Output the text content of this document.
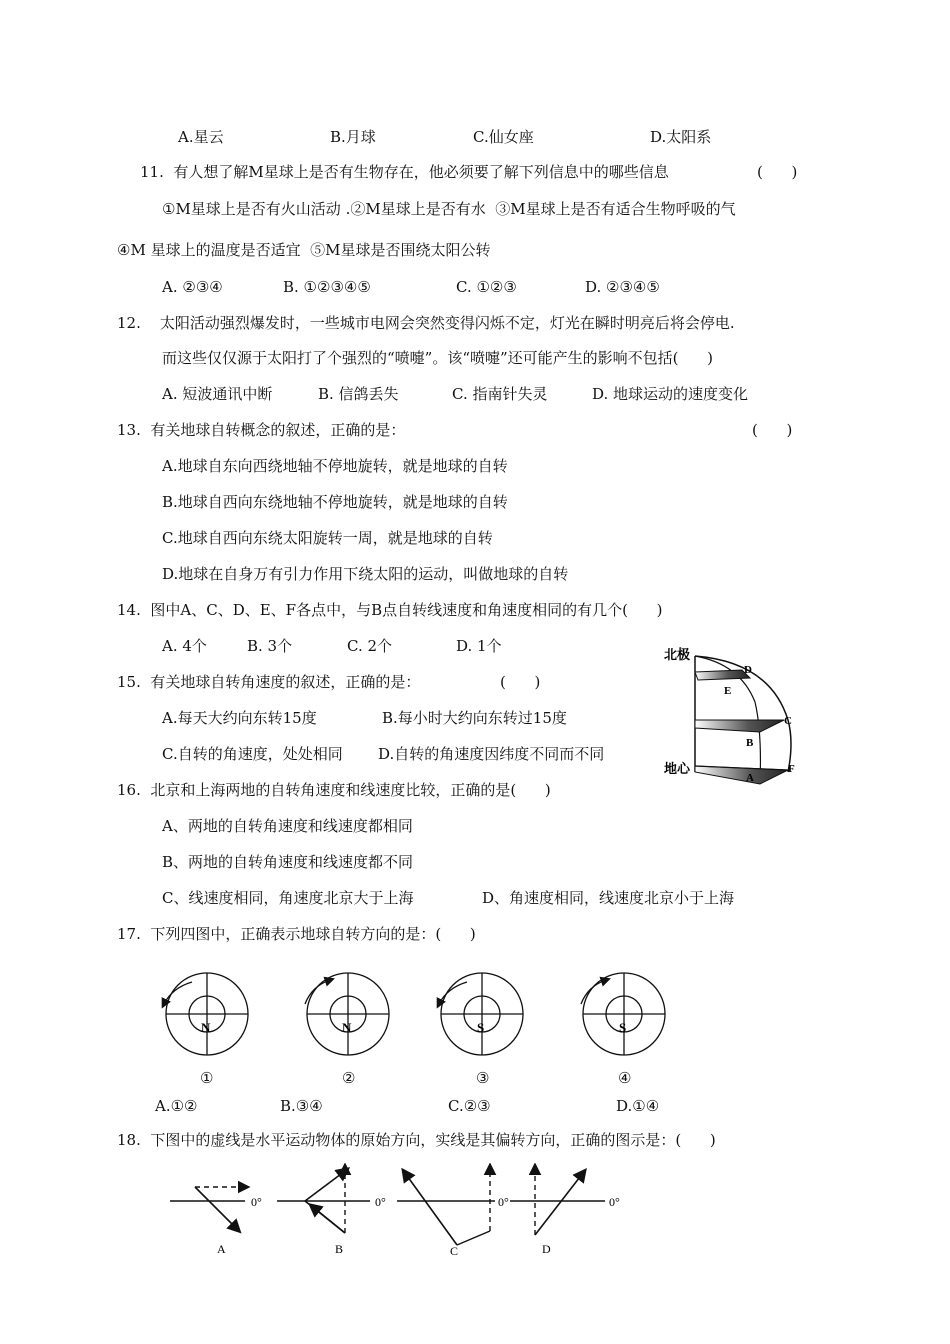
A.星云	B.月球	C.仙女座	D.太阳系
11.  有人想了解M星球上是否有生物存在，他必须要了解下列信息中的哪些信息	(      )
①M星球上是否有火山活动 .②M星球上是否有水  ③M星球上是否有适合生物呼吸的气
④M 星球上的温度是否适宜  ⑤M星球是否围绕太阳公转
A. ②③④	B. ①②③④⑤	C. ①②③	D. ②③④⑤
12.    太阳活动强烈爆发时，一些城市电网会突然变得闪烁不定，灯光在瞬时明亮后将会停电.
而这些仅仅源于太阳打了个强烈的“喷嚏”。该“喷嚏”还可能产生的影响不包括(      )
A. 短波通讯中断	B. 信鸽丢失	C. 指南针失灵	D. 地球运动的速度变化
13.  有关地球自转概念的叙述，正确的是：	(      )
A.地球自东向西绕地轴不停地旋转，就是地球的自转
B.地球自西向东绕地轴不停地旋转，就是地球的自转
C.地球自西向东绕太阳旋转一周，就是地球的自转
D.地球在自身万有引力作用下绕太阳的运动，叫做地球的自转
14.  图中A、C、D、E、F各点中，与B点自转线速度和角速度相同的有几个(      )
A. 4个	B. 3个	C. 2个	D. 1个	北极
地心
D
E
C
B
A
F
15.  有关地球自转角速度的叙述，正确的是：	(      )
A.每天大约向东转15度	B.每小时大约向东转过15度
C.自转的角速度，处处相同 D.自转的角速度因纬度不同而不同
16.  北京和上海两地的自转角速度和线速度比较，正确的是(      )
A、两地的自转角速度和线速度都相同
B、两地的自转角速度和线速度都不同
C、线速度相同，角速度北京大于上海	D、角速度相同，线速度北京小于上海
17.  下列四图中，正确表示地球自转方向的是：(      )
N	N	S	S
①	②	③	④
A.①②	B.③④	C.②③	D.①④
18.  下图中的虚线是水平运动物体的原始方向，实线是其偏转方向，正确的图示是：(      )
0°	0°	0°	0°
A	B	C	D
